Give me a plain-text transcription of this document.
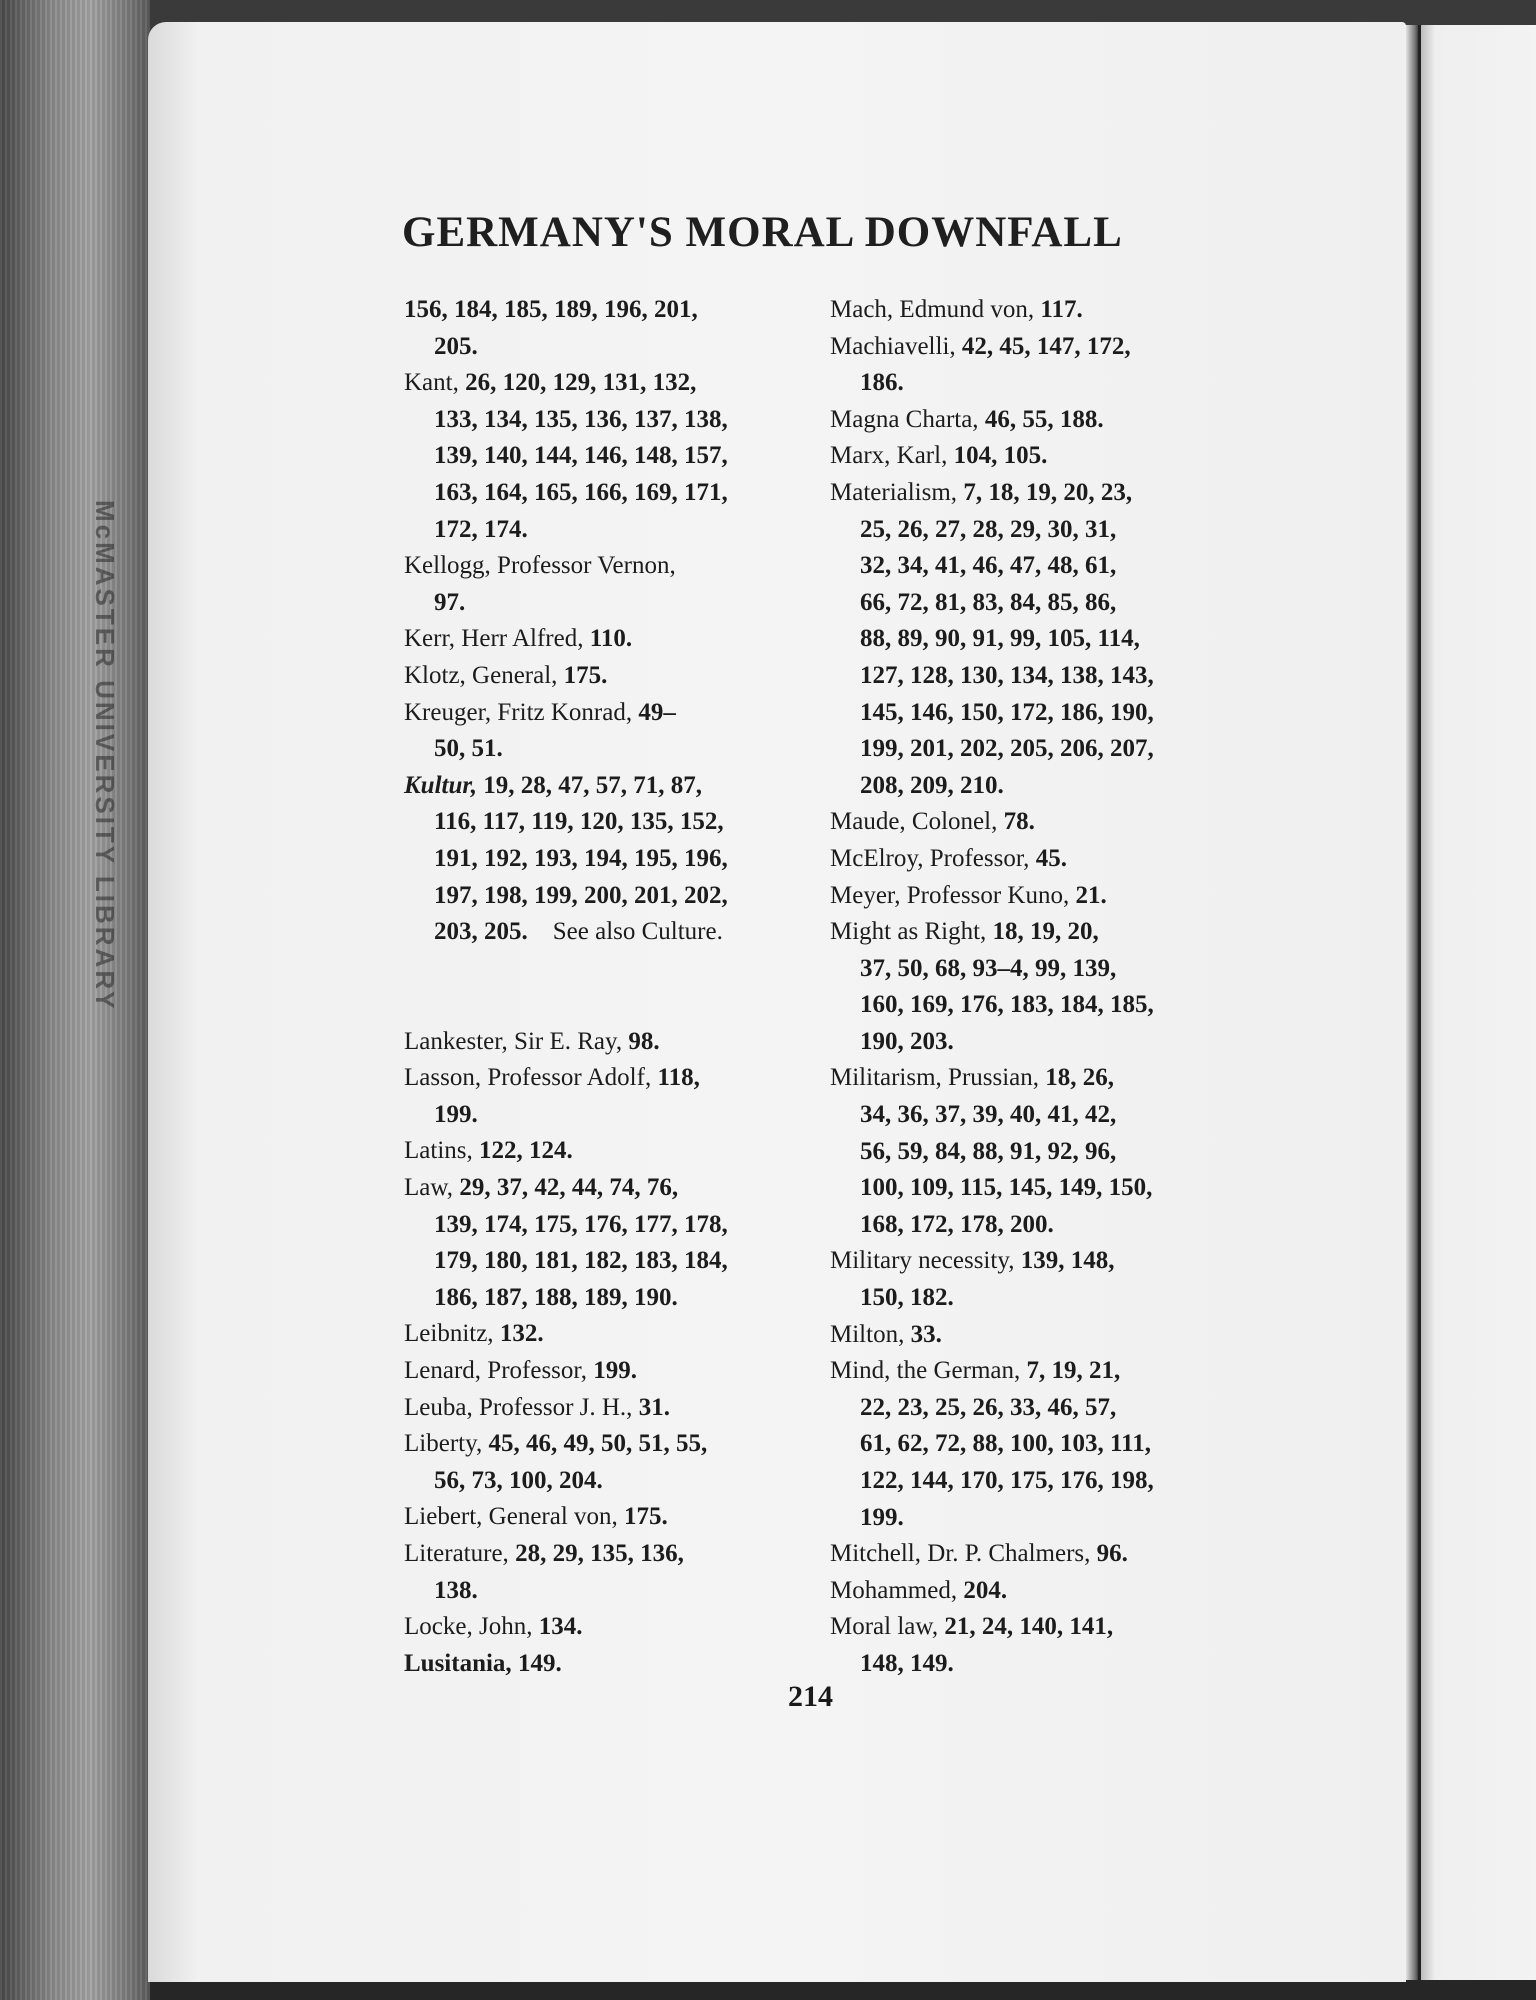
McMASTER UNIVERSITY LIBRARY
GERMANY'S MORAL DOWNFALL
156, 184, 185, 189, 196, 201,
205.
Kant, 26, 120, 129, 131, 132,
133, 134, 135, 136, 137, 138,
139, 140, 144, 146, 148, 157,
163, 164, 165, 166, 169, 171,
172, 174.
Kellogg, Professor Vernon,
97.
Kerr, Herr Alfred, 110.
Klotz, General, 175.
Kreuger, Fritz Konrad, 49–
50, 51.
Kultur, 19, 28, 47, 57, 71, 87,
116, 117, 119, 120, 135, 152,
191, 192, 193, 194, 195, 196,
197, 198, 199, 200, 201, 202,
203, 205.  See also Culture.
Lankester, Sir E. Ray, 98.
Lasson, Professor Adolf, 118,
199.
Latins, 122, 124.
Law, 29, 37, 42, 44, 74, 76,
139, 174, 175, 176, 177, 178,
179, 180, 181, 182, 183, 184,
186, 187, 188, 189, 190.
Leibnitz, 132.
Lenard, Professor, 199.
Leuba, Professor J. H., 31.
Liberty, 45, 46, 49, 50, 51, 55,
56, 73, 100, 204.
Liebert, General von, 175.
Literature, 28, 29, 135, 136,
138.
Locke, John, 134.
Lusitania, 149.
Mach, Edmund von, 117.
Machiavelli, 42, 45, 147, 172,
186.
Magna Charta, 46, 55, 188.
Marx, Karl, 104, 105.
Materialism, 7, 18, 19, 20, 23,
25, 26, 27, 28, 29, 30, 31,
32, 34, 41, 46, 47, 48, 61,
66, 72, 81, 83, 84, 85, 86,
88, 89, 90, 91, 99, 105, 114,
127, 128, 130, 134, 138, 143,
145, 146, 150, 172, 186, 190,
199, 201, 202, 205, 206, 207,
208, 209, 210.
Maude, Colonel, 78.
McElroy, Professor, 45.
Meyer, Professor Kuno, 21.
Might as Right, 18, 19, 20,
37, 50, 68, 93–4, 99, 139,
160, 169, 176, 183, 184, 185,
190, 203.
Militarism, Prussian, 18, 26,
34, 36, 37, 39, 40, 41, 42,
56, 59, 84, 88, 91, 92, 96,
100, 109, 115, 145, 149, 150,
168, 172, 178, 200.
Military necessity, 139, 148,
150, 182.
Milton, 33.
Mind, the German, 7, 19, 21,
22, 23, 25, 26, 33, 46, 57,
61, 62, 72, 88, 100, 103, 111,
122, 144, 170, 175, 176, 198,
199.
Mitchell, Dr. P. Chalmers, 96.
Mohammed, 204.
Moral law, 21, 24, 140, 141,
148, 149.
214
